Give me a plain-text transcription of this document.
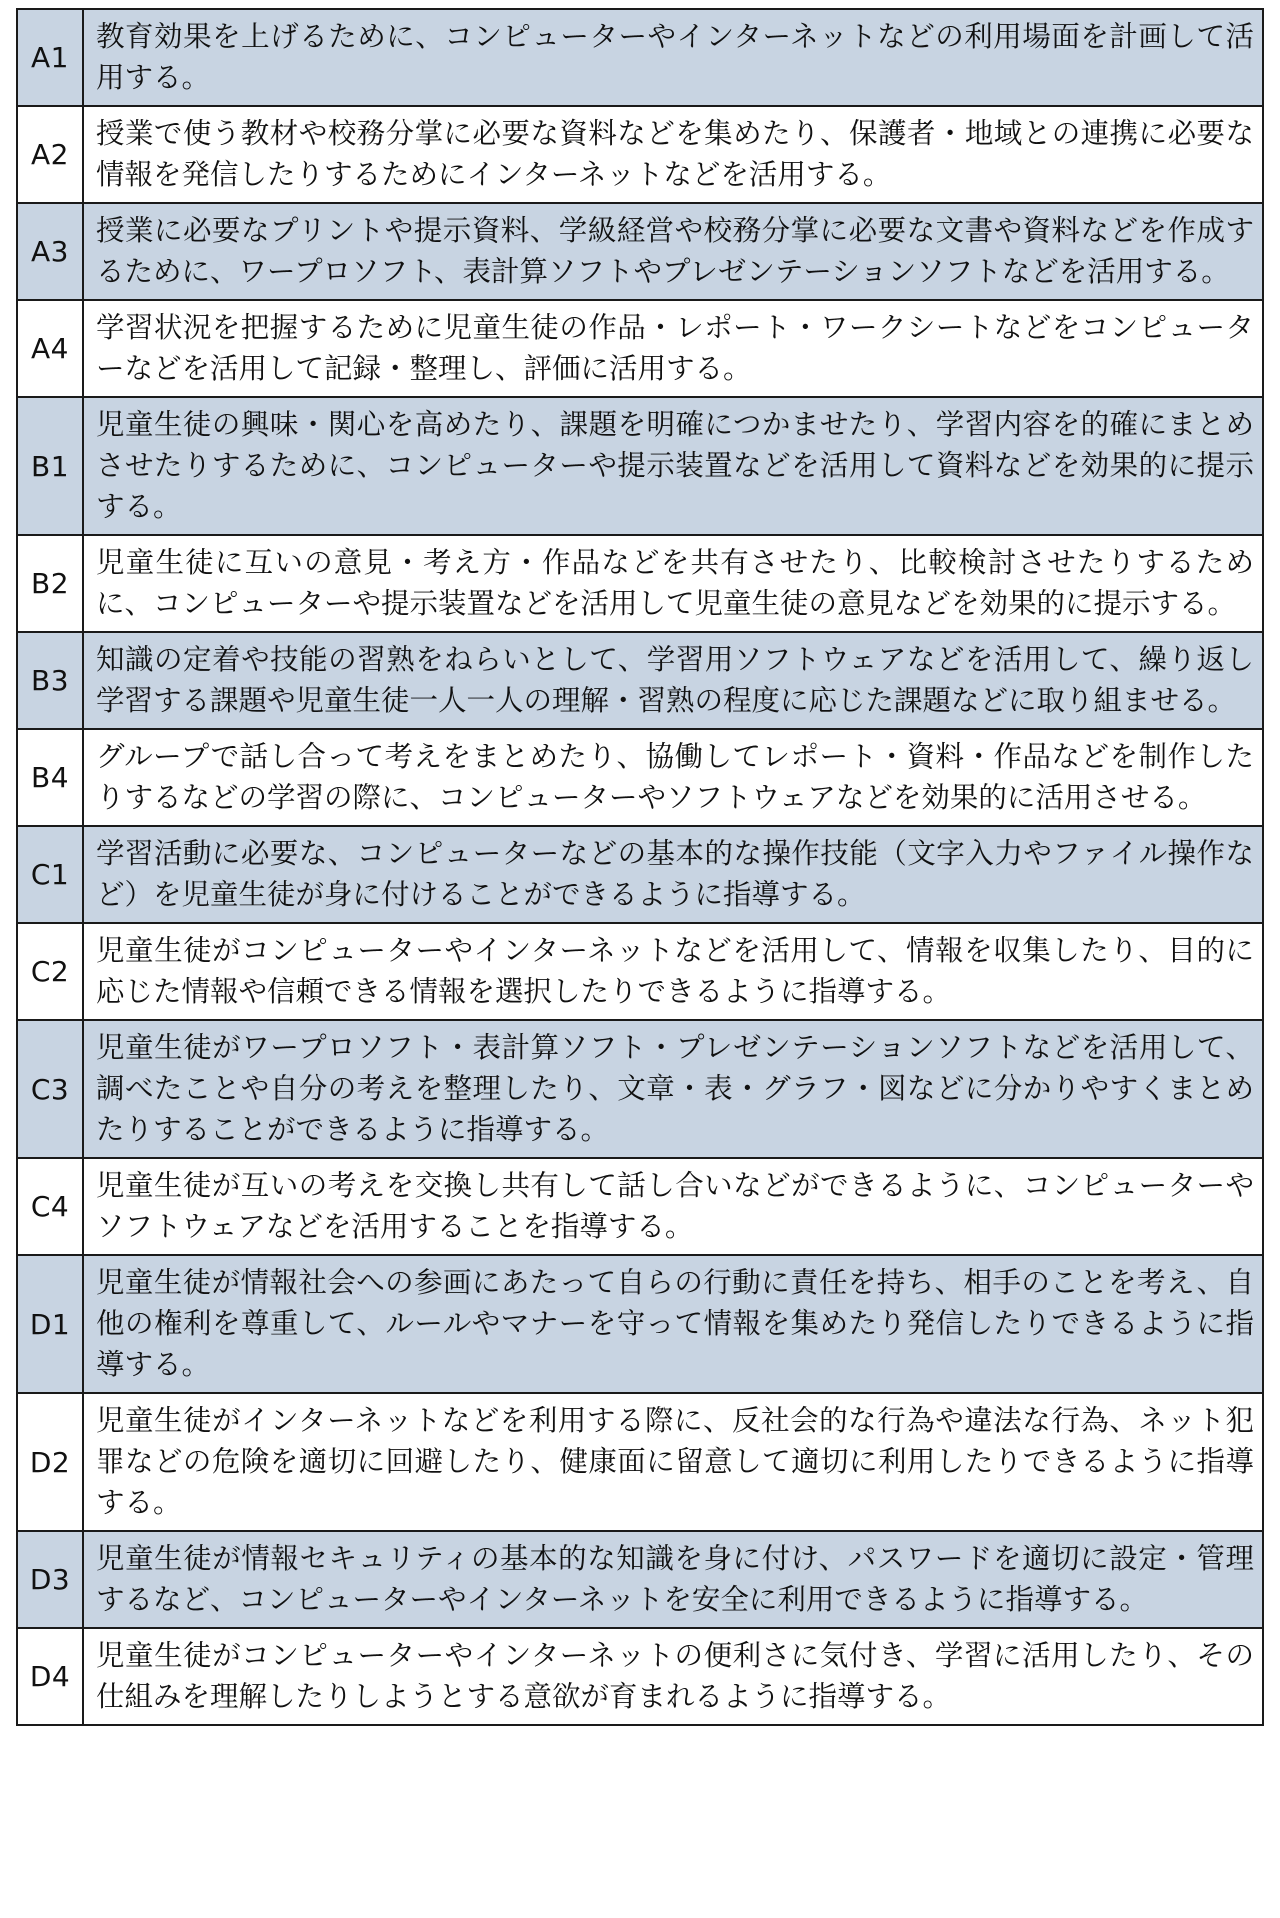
A1	教育効果を上げるために、コンピューターやインターネットなどの利用場面を計画して活用する。
A2	授業で使う教材や校務分掌に必要な資料などを集めたり、保護者・地域との連携に必要な情報を発信したりするためにインターネットなどを活用する。
A3	授業に必要なプリントや提示資料、学級経営や校務分掌に必要な文書や資料などを作成するために、ワープロソフト、表計算ソフトやプレゼンテーションソフトなどを活用する。
A4	学習状況を把握するために児童生徒の作品・レポート・ワークシートなどをコンピューターなどを活用して記録・整理し、評価に活用する。
B1	児童生徒の興味・関心を高めたり、課題を明確につかませたり、学習内容を的確にまとめさせたりするために、コンピューターや提示装置などを活用して資料などを効果的に提示する。
B2	児童生徒に互いの意見・考え方・作品などを共有させたり、比較検討させたりするために、コンピューターや提示装置などを活用して児童生徒の意見などを効果的に提示する。
B3	知識の定着や技能の習熟をねらいとして、学習用ソフトウェアなどを活用して、繰り返し学習する課題や児童生徒一人一人の理解・習熟の程度に応じた課題などに取り組ませる。
B4	グループで話し合って考えをまとめたり、協働してレポート・資料・作品などを制作したりするなどの学習の際に、コンピューターやソフトウェアなどを効果的に活用させる。
C1	学習活動に必要な、コンピューターなどの基本的な操作技能（文字入力やファイル操作など）を児童生徒が身に付けることができるように指導する。
C2	児童生徒がコンピューターやインターネットなどを活用して、情報を収集したり、目的に応じた情報や信頼できる情報を選択したりできるように指導する。
C3	児童生徒がワープロソフト・表計算ソフト・プレゼンテーションソフトなどを活用して、調べたことや自分の考えを整理したり、文章・表・グラフ・図などに分かりやすくまとめたりすることができるように指導する。
C4	児童生徒が互いの考えを交換し共有して話し合いなどができるように、コンピューターやソフトウェアなどを活用することを指導する。
D1	児童生徒が情報社会への参画にあたって自らの行動に責任を持ち、相手のことを考え、自他の権利を尊重して、ルールやマナーを守って情報を集めたり発信したりできるように指導する。
D2	児童生徒がインターネットなどを利用する際に、反社会的な行為や違法な行為、ネット犯罪などの危険を適切に回避したり、健康面に留意して適切に利用したりできるように指導する。
D3	児童生徒が情報セキュリティの基本的な知識を身に付け、パスワードを適切に設定・管理するなど、コンピューターやインターネットを安全に利用できるように指導する。
D4	児童生徒がコンピューターやインターネットの便利さに気付き、学習に活用したり、その仕組みを理解したりしようとする意欲が育まれるように指導する。
